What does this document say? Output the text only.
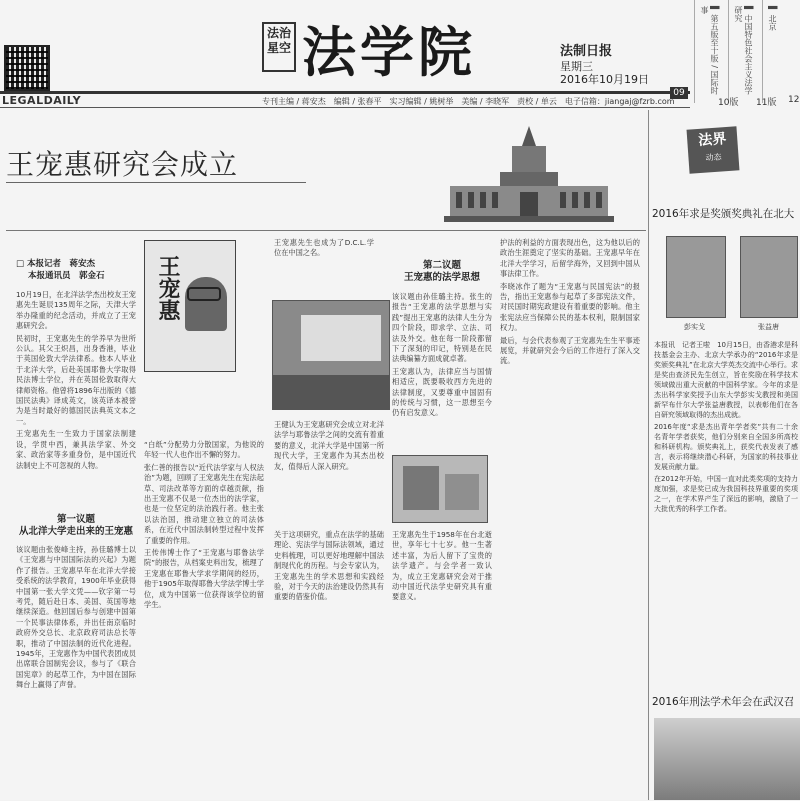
LEGALDAILY
法治星空 法学院	法制日报
星期三
2016年10月19日
09
专刊主编 / 蒋安杰　编辑 / 张春平　实习编辑 / 姚树举　美编 / 李晓军　责校 / 单云　电子信箱：jiangaj@fzrb.com
▌ 第五版至十版 / 国际时事	▌ 中国特色社会主义法学研究	▌ 北京
10版 11版 12
王宠惠研究会成立
□ 本报记者　蒋安杰
本报通讯员　郭金石

10月19日，在北洋法学杰出校友王宠惠先生诞辰135周年之际，天津大学举办隆重的纪念活动，并成立了王宠惠研究会。

民初时，王宠惠先生的学养早为世所公认。其父王炽昌，出身香港，毕业于英国伦敦大学法律系。他本人毕业于北洋大学，后赴美国耶鲁大学取得民法博士学位，并在英国伦敦取得大律师资格。他曾将1896年出版的《德国民法典》译成英文，该英译本被誉为是当时最好的德国民法典英文本之一。

王宠惠先生一生致力于国家法制建设，学贯中西，兼具法学家、外交家、政治家等多重身份，是中国近代法制史上不可忽视的人物。

第一议题
从北洋大学走出来的王宠惠

该议题由张俊峰主持，孙佳璐博士以《王宠惠与中国国际法的兴起》为题作了报告。王宠惠早年在北洋大学接受系统的法学教育，1900年毕业获得中国第一张大学文凭——钦字第一号考凭，随后赴日本、美国、英国等地继续深造。他回国后参与创建中国第一个民事法律体系，并出任南京临时政府外交总长、北京政府司法总长等职，推动了中国法制的近代化进程。1945年，王宠惠作为中国代表团成员出席联合国制宪会议，参与了《联合国宪章》的起草工作，为中国在国际舞台上赢得了声誉。

王宠惠

“白纸”分配势力分散国家，为他说的年轻一代人也作出不懈的努力。

张仁善的报告以“近代法学家与人权法治”为题，回顾了王宠惠先生在宪法起草、司法改革等方面的卓越贡献，指出王宠惠不仅是一位杰出的法学家，也是一位坚定的法治践行者。他主张以法治国，推动建立独立的司法体系，在近代中国法制转型过程中发挥了重要的作用。

王传伟博士作了“王宠惠与耶鲁法学院”的报告，从档案史料出发，梳理了王宠惠在耶鲁大学求学期间的经历，他于1905年取得耶鲁大学法学博士学位，成为中国第一位获得该学位的留学生。

王宠惠先生也成为了D.C.L.学位在中国之名。

王健认为王宠惠研究会成立对北洋法学与耶鲁法学之间的交流有着重要的意义，北洋大学是中国第一所现代大学，王宠惠作为其杰出校友，值得后人深入研究。

关于这项研究，重点在法学的基础理论、宪法学与国际法领域，通过史料梳理，可以更好地理解中国法制现代化的历程。与会专家认为，王宠惠先生的学术思想和实践经验，对于今天的法治建设仍然具有重要的借鉴价值。

第二议题
王宠惠的法学思想

该议题由孙佳璐主持。张生的报告“王宠惠的法学思想与实践”提出王宠惠的法律人生分为四个阶段，即求学、立法、司法及外交。他在每一阶段都留下了深刻的印记，特别是在民法典编纂方面成就卓著。

王宠惠认为，法律应当与国情相适应，既要吸收西方先进的法律制度，又要尊重中国固有的传统与习惯，这一思想至今仍有启发意义。

王宠惠先生于1958年在台北逝世，享年七十七岁。他一生著述丰富，为后人留下了宝贵的法学遗产。与会学者一致认为，成立王宠惠研究会对于推动中国近代法学史研究具有重要意义。

护法的利益的方面表现出色，这为他以后的政治生涯奠定了坚实的基础。王宠惠早年在北洋大学学习，后留学海外，又回到中国从事法律工作。

李晓冰作了题为“王宠惠与民国宪法”的报告，指出王宠惠参与起草了多部宪法文件，对民国时期宪政建设有着重要的影响。他主张宪法应当保障公民的基本权利，限制国家权力。

最后，与会代表参观了王宠惠先生生平事迹展览，并就研究会今后的工作进行了深入交流。

法界
动态
2016年求是奖颁奖典礼在北大
彭实戈	张益唐

本报讯　记者王啦　10月15日，由香港求是科技基金会主办、北京大学承办的“2016年求是奖颁奖典礼”在北京大学英杰交流中心举行。求是奖由查济民先生创立，旨在奖励在科学技术领域做出重大贡献的中国科学家。今年的求是杰出科学家奖授予山东大学彭实戈教授和美国新罕布什尔大学张益唐教授，以表彰他们在各自研究领域取得的杰出成就。

2016年度“求是杰出青年学者奖”共有二十余名青年学者获奖，他们分别来自全国多所高校和科研机构。颁奖典礼上，获奖代表发表了感言，表示将继续潜心科研，为国家的科技事业发展贡献力量。

在2012年开始，中国一直对此类奖项的支持力度加强，求是奖已成为我国科技界重要的奖项之一，在学术界产生了深远的影响，激励了一大批优秀的科学工作者。

2016年刑法学术年会在武汉召
